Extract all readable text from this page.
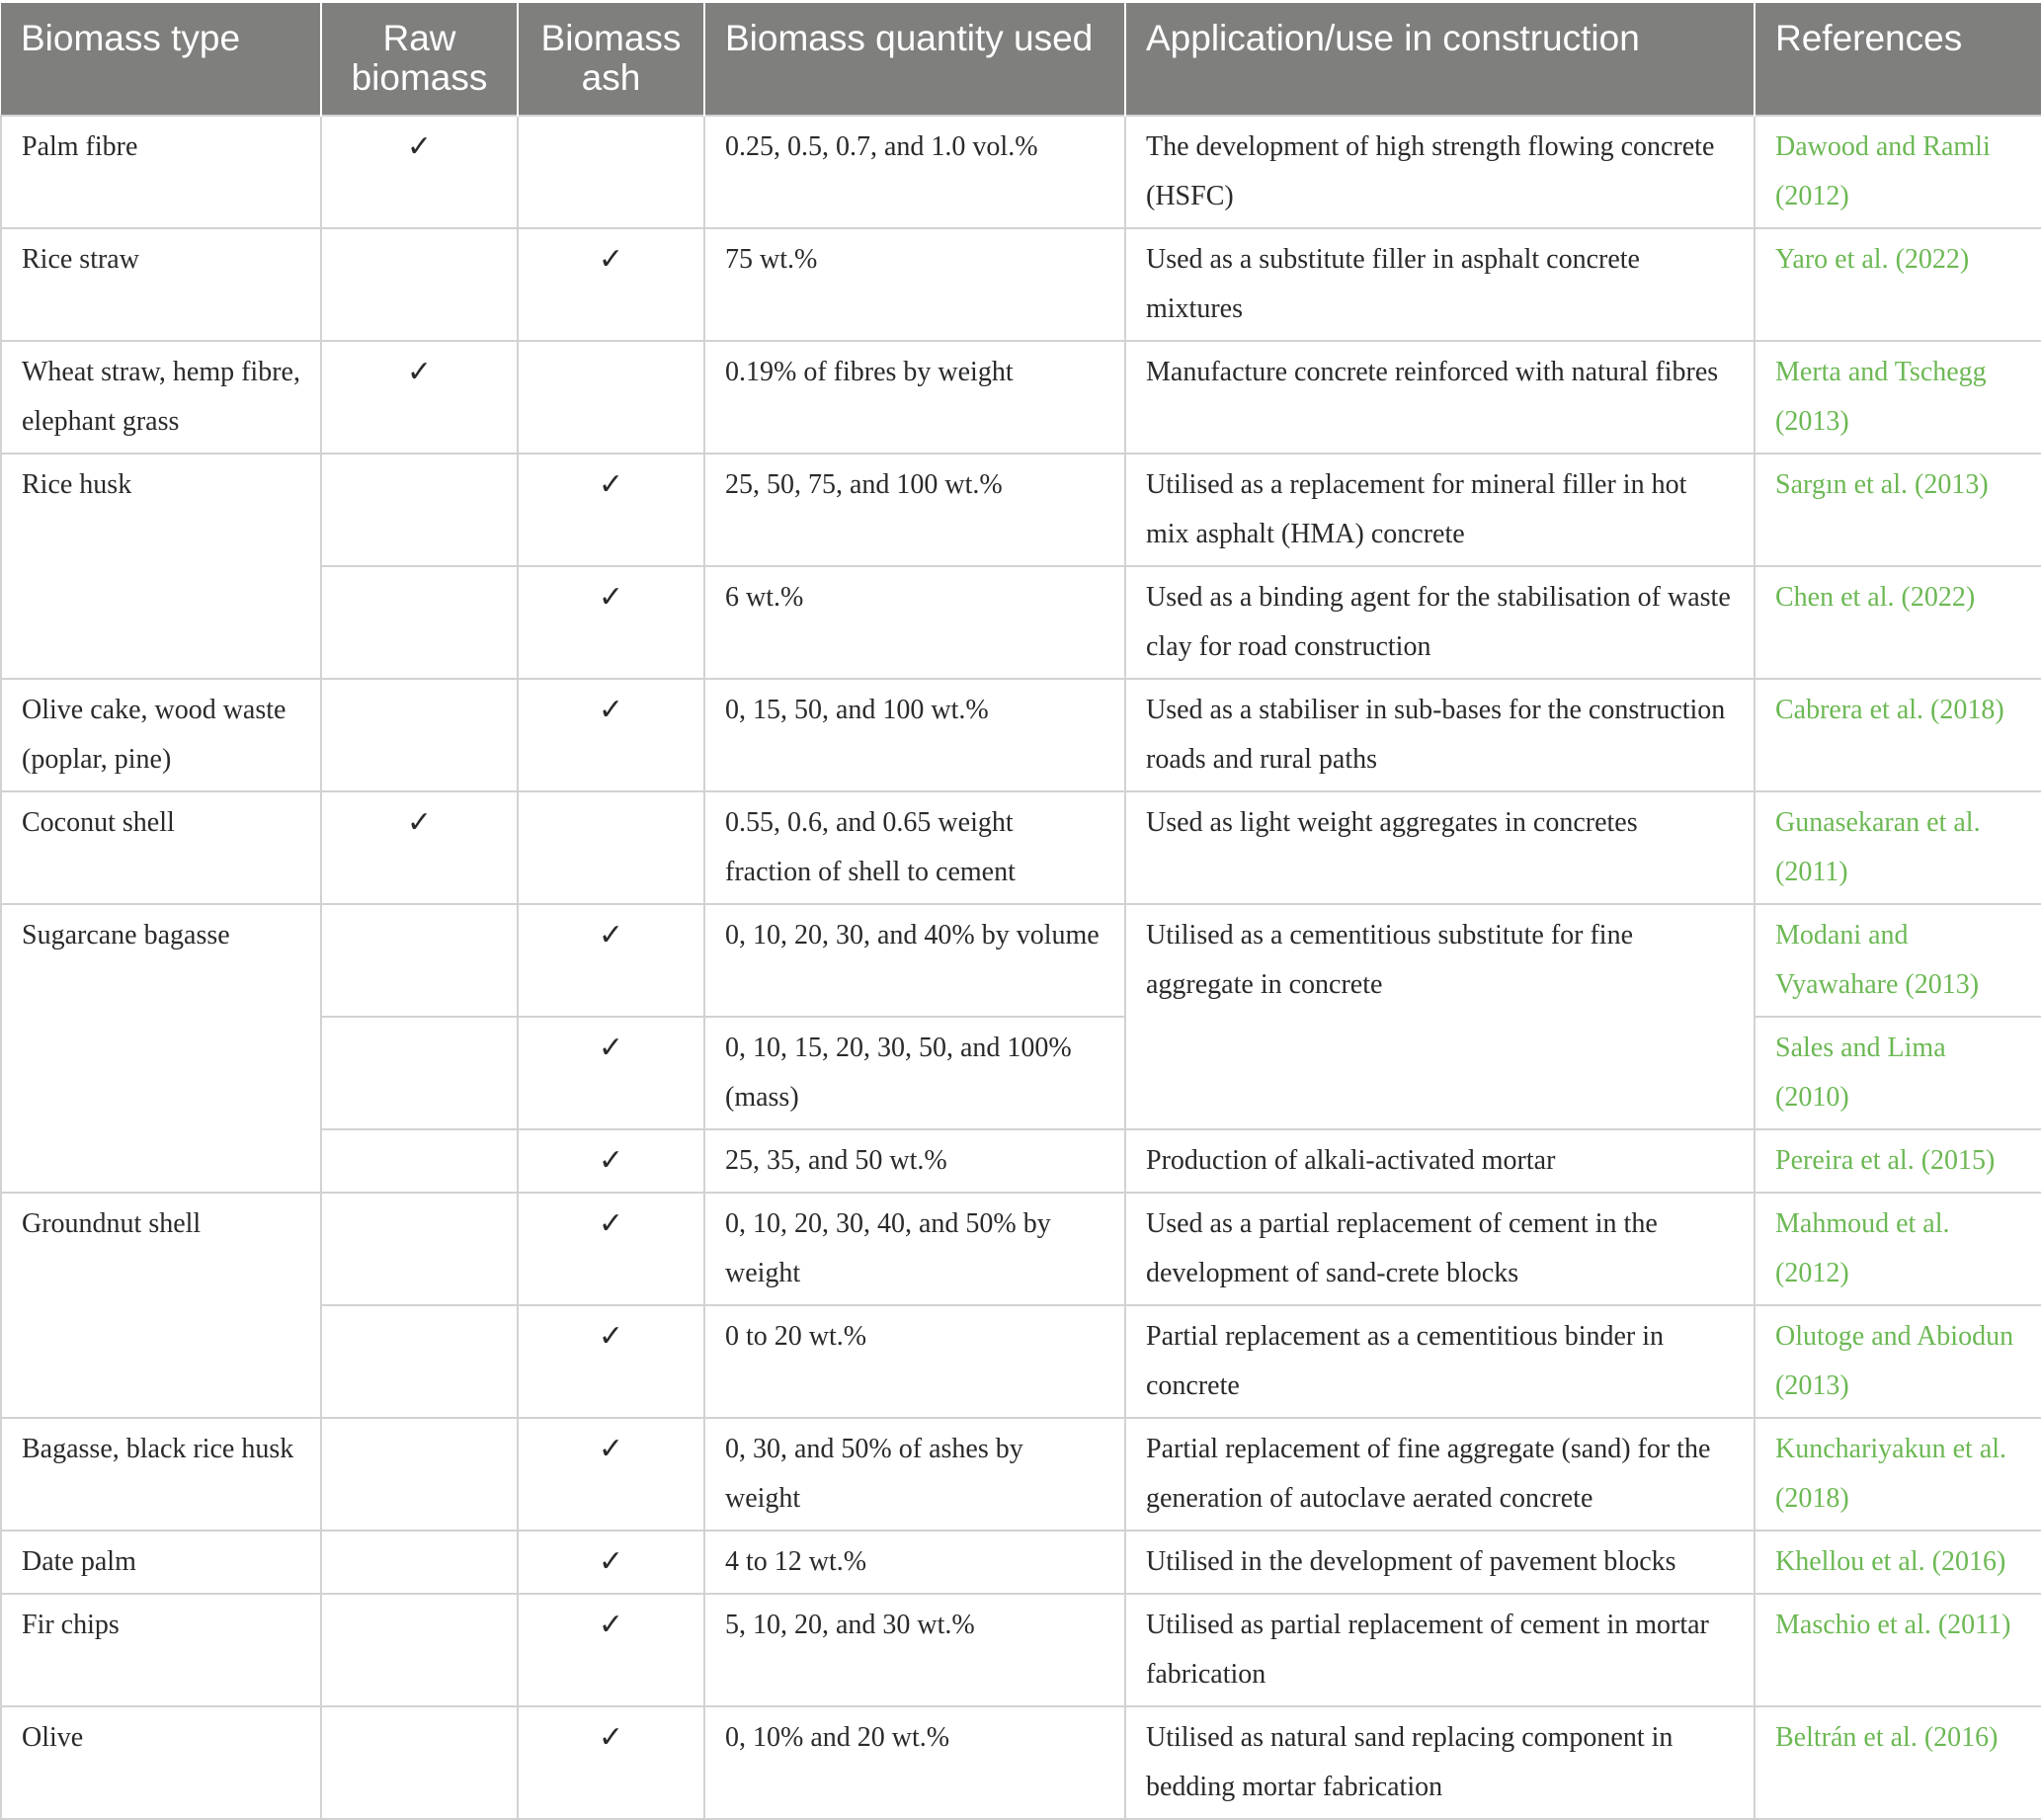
Biomass type	Raw biomass	Biomass ash	Biomass quantity used	Application/use in construction	References
Palm fibre	✓		0.25, 0.5, 0.7, and 1.0 vol.%	The development of high strength flowing concrete (HSFC)	Dawood and Ramli (2012)
Rice straw		✓	75 wt.%	Used as a substitute filler in asphalt concrete mixtures	Yaro et al. (2022)
Wheat straw, hemp fibre, elephant grass	✓		0.19% of fibres by weight	Manufacture concrete reinforced with natural fibres	Merta and Tschegg (2013)
Rice husk		✓	25, 50, 75, and 100 wt.%	Utilised as a replacement for mineral filler in hot mix asphalt (HMA) concrete	Sargın et al. (2013)
		✓	6 wt.%	Used as a binding agent for the stabilisation of waste clay for road construction	Chen et al. (2022)
Olive cake, wood waste (poplar, pine)		✓	0, 15, 50, and 100 wt.%	Used as a stabiliser in sub-bases for the construction roads and rural paths	Cabrera et al. (2018)
Coconut shell	✓		0.55, 0.6, and 0.65 weight fraction of shell to cement	Used as light weight aggregates in concretes	Gunasekaran et al. (2011)
Sugarcane bagasse		✓	0, 10, 20, 30, and 40% by volume	Utilised as a cementitious substitute for fine aggregate in concrete	Modani and Vyawahare (2013)
		✓	0, 10, 15, 20, 30, 50, and 100% (mass)		Sales and Lima (2010)
		✓	25, 35, and 50 wt.%	Production of alkali-activated mortar	Pereira et al. (2015)
Groundnut shell		✓	0, 10, 20, 30, 40, and 50% by weight	Used as a partial replacement of cement in the development of sand-crete blocks	Mahmoud et al. (2012)
		✓	0 to 20 wt.%	Partial replacement as a cementitious binder in concrete	Olutoge and Abiodun (2013)
Bagasse, black rice husk		✓	0, 30, and 50% of ashes by weight	Partial replacement of fine aggregate (sand) for the generation of autoclave aerated concrete	Kunchariyakun et al. (2018)
Date palm		✓	4 to 12 wt.%	Utilised in the development of pavement blocks	Khellou et al. (2016)
Fir chips		✓	5, 10, 20, and 30 wt.%	Utilised as partial replacement of cement in mortar fabrication	Maschio et al. (2011)
Olive		✓	0, 10% and 20 wt.%	Utilised as natural sand replacing component in bedding mortar fabrication	Beltrán et al. (2016)
